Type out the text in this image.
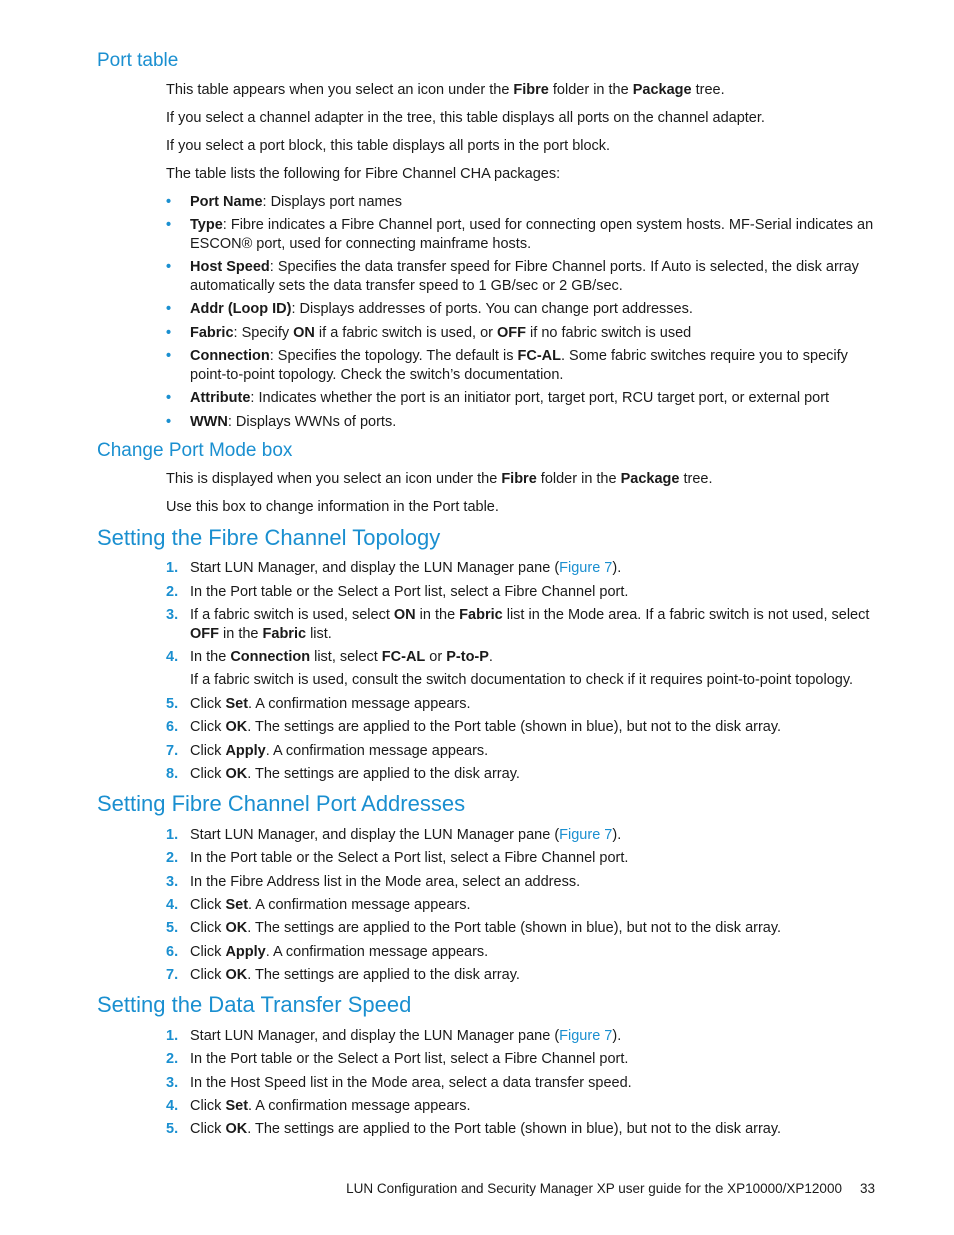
Port table

This table appears when you select an icon under the Fibre folder in the Package tree.

If you select a channel adapter in the tree, this table displays all ports on the channel adapter.

If you select a port block, this table displays all ports in the port block.

The table lists the following for Fibre Channel CHA packages:

• Port Name: Displays port names
• Type: Fibre indicates a Fibre Channel port, used for connecting open system hosts. MF-Serial indicates an ESCON® port, used for connecting mainframe hosts.
• Host Speed: Specifies the data transfer speed for Fibre Channel ports. If Auto is selected, the disk array automatically sets the data transfer speed to 1 GB/sec or 2 GB/sec.
• Addr (Loop ID): Displays addresses of ports. You can change port addresses.
• Fabric: Specify ON if a fabric switch is used, or OFF if no fabric switch is used
• Connection: Specifies the topology. The default is FC-AL. Some fabric switches require you to specify point-to-point topology. Check the switch’s documentation.
• Attribute: Indicates whether the port is an initiator port, target port, RCU target port, or external port
• WWN: Displays WWNs of ports.
Change Port Mode box

This is displayed when you select an icon under the Fibre folder in the Package tree.

Use this box to change information in the Port table.

Setting the Fibre Channel Topology
1. Start LUN Manager, and display the LUN Manager pane (Figure 7).
2. In the Port table or the Select a Port list, select a Fibre Channel port.
3. If a fabric switch is used, select ON in the Fabric list in the Mode area. If a fabric switch is not used, select OFF in the Fabric list.
4. In the Connection list, select FC-AL or P-to-P.

If a fabric switch is used, consult the switch documentation to check if it requires point-to-point topology.

5. Click Set. A confirmation message appears.
6. Click OK. The settings are applied to the Port table (shown in blue), but not to the disk array.
7. Click Apply. A confirmation message appears.
8. Click OK. The settings are applied to the disk array.
Setting Fibre Channel Port Addresses
1. Start LUN Manager, and display the LUN Manager pane (Figure 7).
2. In the Port table or the Select a Port list, select a Fibre Channel port.
3. In the Fibre Address list in the Mode area, select an address.
4. Click Set. A confirmation message appears.
5. Click OK. The settings are applied to the Port table (shown in blue), but not to the disk array.
6. Click Apply. A confirmation message appears.
7. Click OK. The settings are applied to the disk array.
Setting the Data Transfer Speed
1. Start LUN Manager, and display the LUN Manager pane (Figure 7).
2. In the Port table or the Select a Port list, select a Fibre Channel port.
3. In the Host Speed list in the Mode area, select a data transfer speed.
4. Click Set. A confirmation message appears.
5. Click OK. The settings are applied to the Port table (shown in blue), but not to the disk array.
LUN Configuration and Security Manager XP user guide for the XP10000/XP12000 33
